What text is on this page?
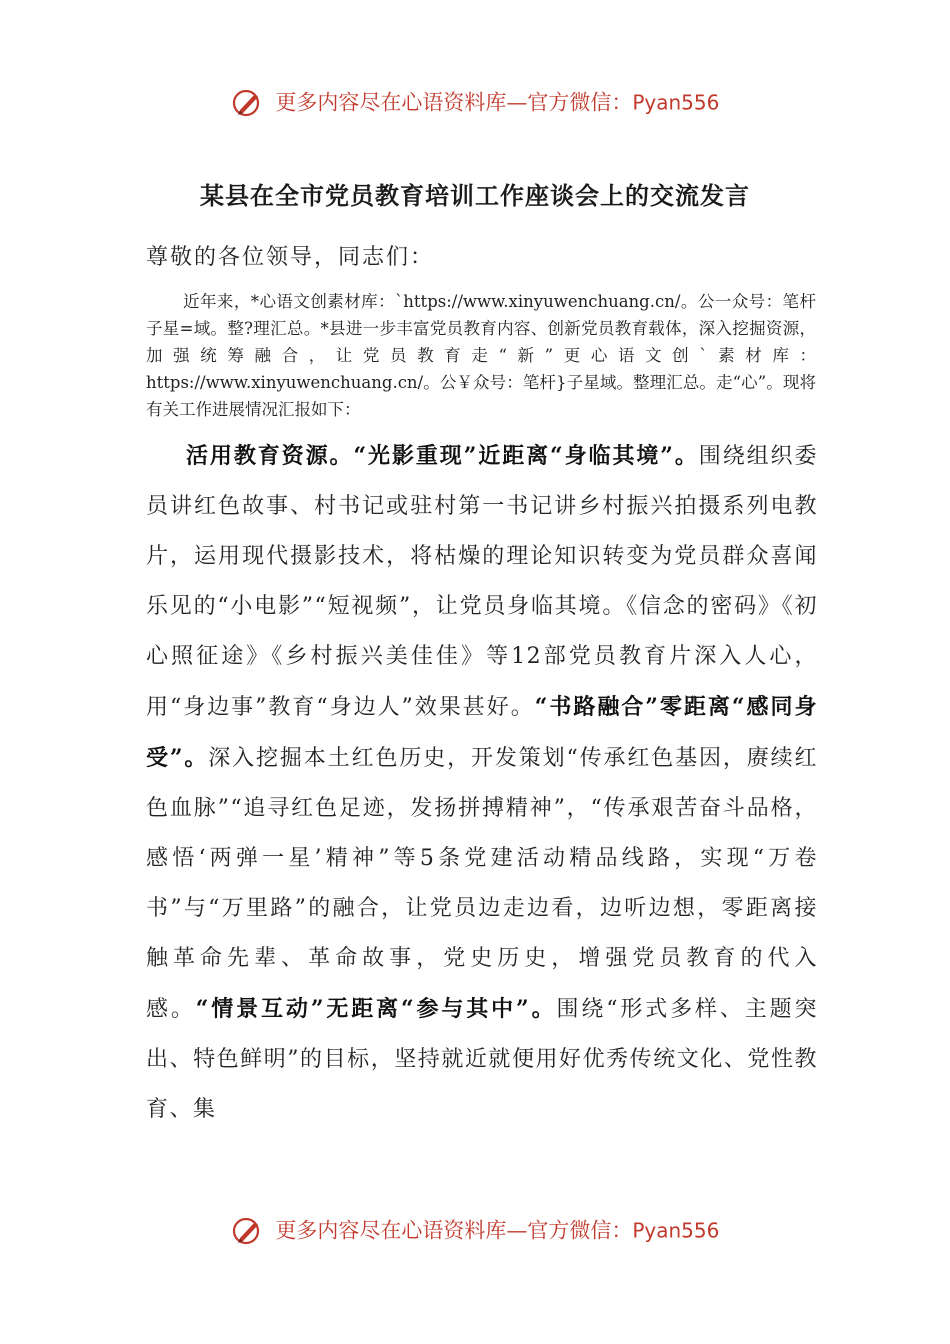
更多内容尽在心语资料库—官方微信：Pyan556
某县在全市党员教育培训工作座谈会上的交流发言
尊敬的各位领导，同志们：

近年来，*心语文创素材库：`https://www.xinyuwenchuang.cn/。公一众号：笔杆子星=域。整?理汇总。*县进一步丰富党员教育内容、创新党员教育载体，深入挖掘资源，加强统筹融合，让党员教育走“新”更心语文创`素材库：https://www.xinyuwenchuang.cn/。公￥众号：笔杆}子星域。整理汇总。走“心”。现将有关工作进展情况汇报如下：

活用教育资源。“光影重现”近距离“身临其境”。围绕组织委员讲红色故事、村书记或驻村第一书记讲乡村振兴拍摄系列电教片，运用现代摄影技术，将枯燥的理论知识转变为党员群众喜闻乐见的“小电影”“短视频”，让党员身临其境。《信念的密码》《初心照征途》《乡村振兴美佳佳》等12部党员教育片深入人心，用“身边事”教育“身边人”效果甚好。“书路融合”零距离“感同身受”。深入挖掘本土红色历史，开发策划“传承红色基因，赓续红色血脉”“追寻红色足迹，发扬拼搏精神”，“传承艰苦奋斗品格，感悟‘两弹一星’精神”等5条党建活动精品线路，实现“万卷书”与“万里路”的融合，让党员边走边看，边听边想，零距离接触革命先辈、革命故事，党史历史，增强党员教育的代入感。“情景互动”无距离“参与其中”。围绕“形式多样、主题突出、特色鲜明”的目标，坚持就近就便用好优秀传统文化、党性教育、集

更多内容尽在心语资料库—官方微信：Pyan556
